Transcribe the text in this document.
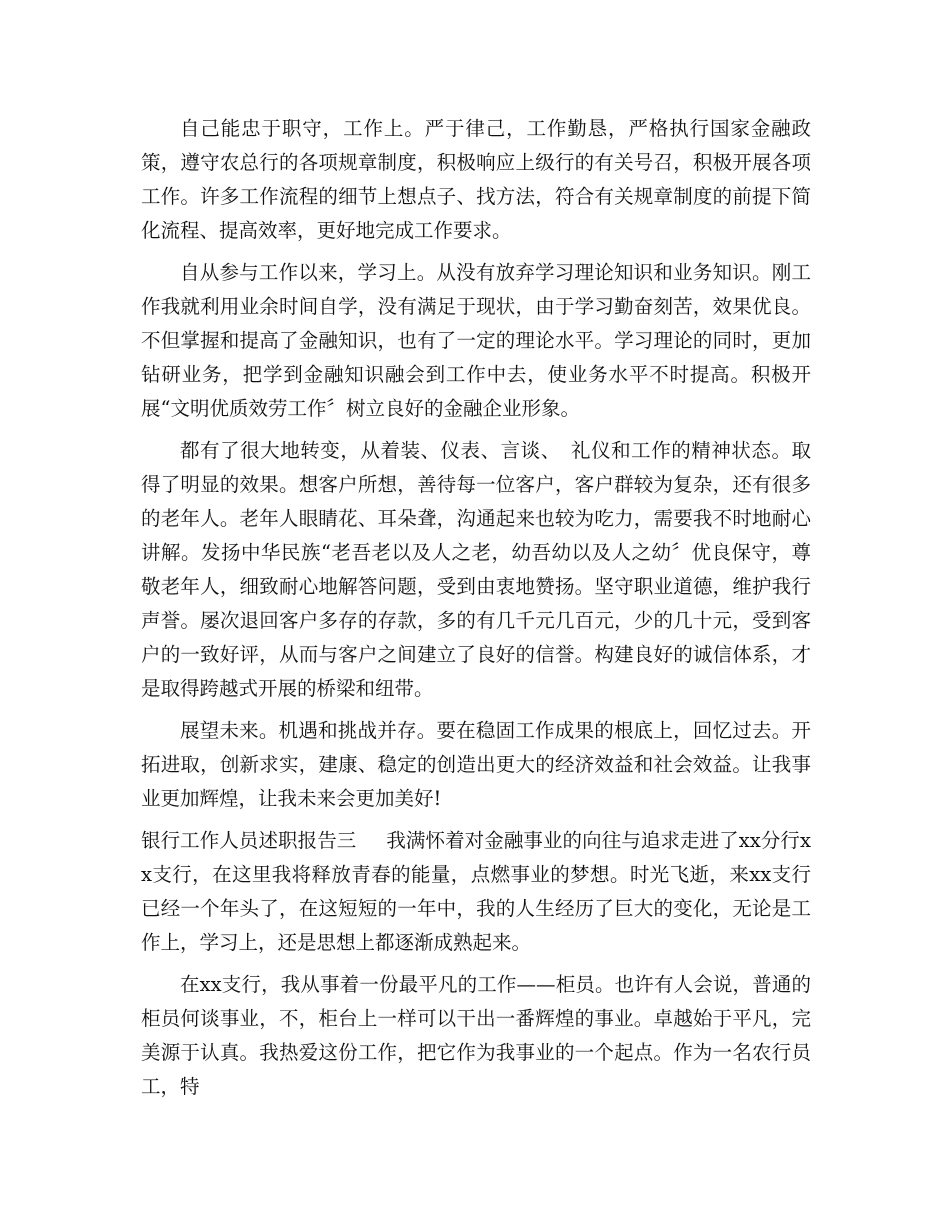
自己能忠于职守，工作上。严于律己，工作勤恳，严格执行国家金融政策，遵守农总行的各项规章制度，积极响应上级行的有关号召，积极开展各项工作。许多工作流程的细节上想点子、找方法，符合有关规章制度的前提下简化流程、提高效率，更好地完成工作要求。

自从参与工作以来，学习上。从没有放弃学习理论知识和业务知识。刚工作我就利用业余时间自学，没有满足于现状，由于学习勤奋刻苦，效果优良。不但掌握和提高了金融知识，也有了一定的理论水平。学习理论的同时，更加钻研业务，把学到金融知识融会到工作中去，使业务水平不时提高。积极开展“文明优质效劳工作〞树立良好的金融企业形象。

都有了很大地转变，从着装、仪表、言谈、　礼仪和工作的精神状态。取得了明显的效果。想客户所想，善待每一位客户，客户群较为复杂，还有很多的老年人。老年人眼睛花、耳朵聋，沟通起来也较为吃力，需要我不时地耐心讲解。发扬中华民族“老吾老以及人之老，幼吾幼以及人之幼〞优良保守，尊敬老年人，细致耐心地解答问题，受到由衷地赞扬。坚守职业道德，维护我行声誉。屡次退回客户多存的存款，多的有几千元几百元，少的几十元，受到客户的一致好评，从而与客户之间建立了良好的信誉。构建良好的诚信体系，才是取得跨越式开展的桥梁和纽带。

展望未来。机遇和挑战并存。要在稳固工作成果的根底上，回忆过去。开拓进取，创新求实，建康、稳定的创造出更大的经济效益和社会效益。让我事业更加辉煌，让我未来会更加美好!

银行工作人员述职报告三 我满怀着对金融事业的向往与追求走进了xx分行xx支行，在这里我将释放青春的能量，点燃事业的梦想。时光飞逝，来xx支行已经一个年头了，在这短短的一年中，我的人生经历了巨大的变化，无论是工作上，学习上，还是思想上都逐渐成熟起来。

在xx支行，我从事着一份最平凡的工作——柜员。也许有人会说，普通的柜员何谈事业，不，柜台上一样可以干出一番辉煌的事业。卓越始于平凡，完美源于认真。我热爱这份工作，把它作为我事业的一个起点。作为一名农行员工，特
